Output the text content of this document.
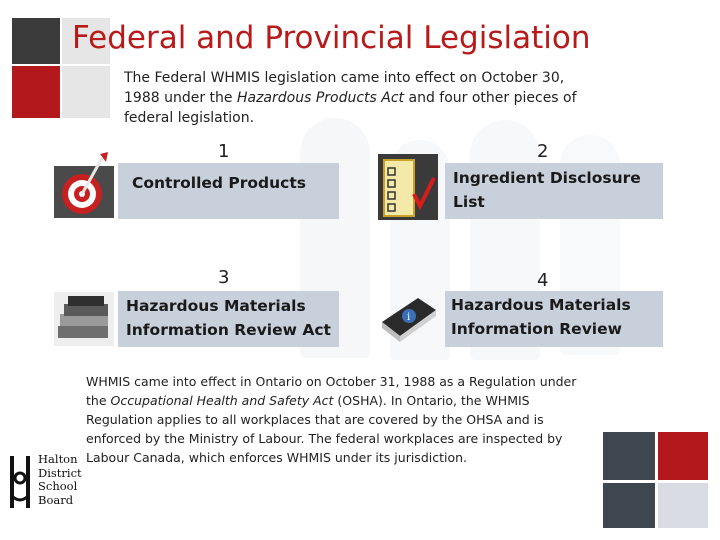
Federal and Provincial Legislation

The Federal WHMIS legislation came into effect on October 30, 1988 under the Hazardous Products Act and four other pieces of federal legislation.

1
Controlled Products
2
Ingredient Disclosure List
3
Hazardous Materials Information Review Act
4
i
Hazardous Materials Information Review

WHMIS came into effect in Ontario on October 31, 1988 as a Regulation under the Occupational Health and Safety Act (OSHA). In Ontario, the WHMIS Regulation applies to all workplaces that are covered by the OHSA and is enforced by the Ministry of Labour. The federal workplaces are inspected by Labour Canada, which enforces WHMIS under its jurisdiction.

Halton
District
School
Board
